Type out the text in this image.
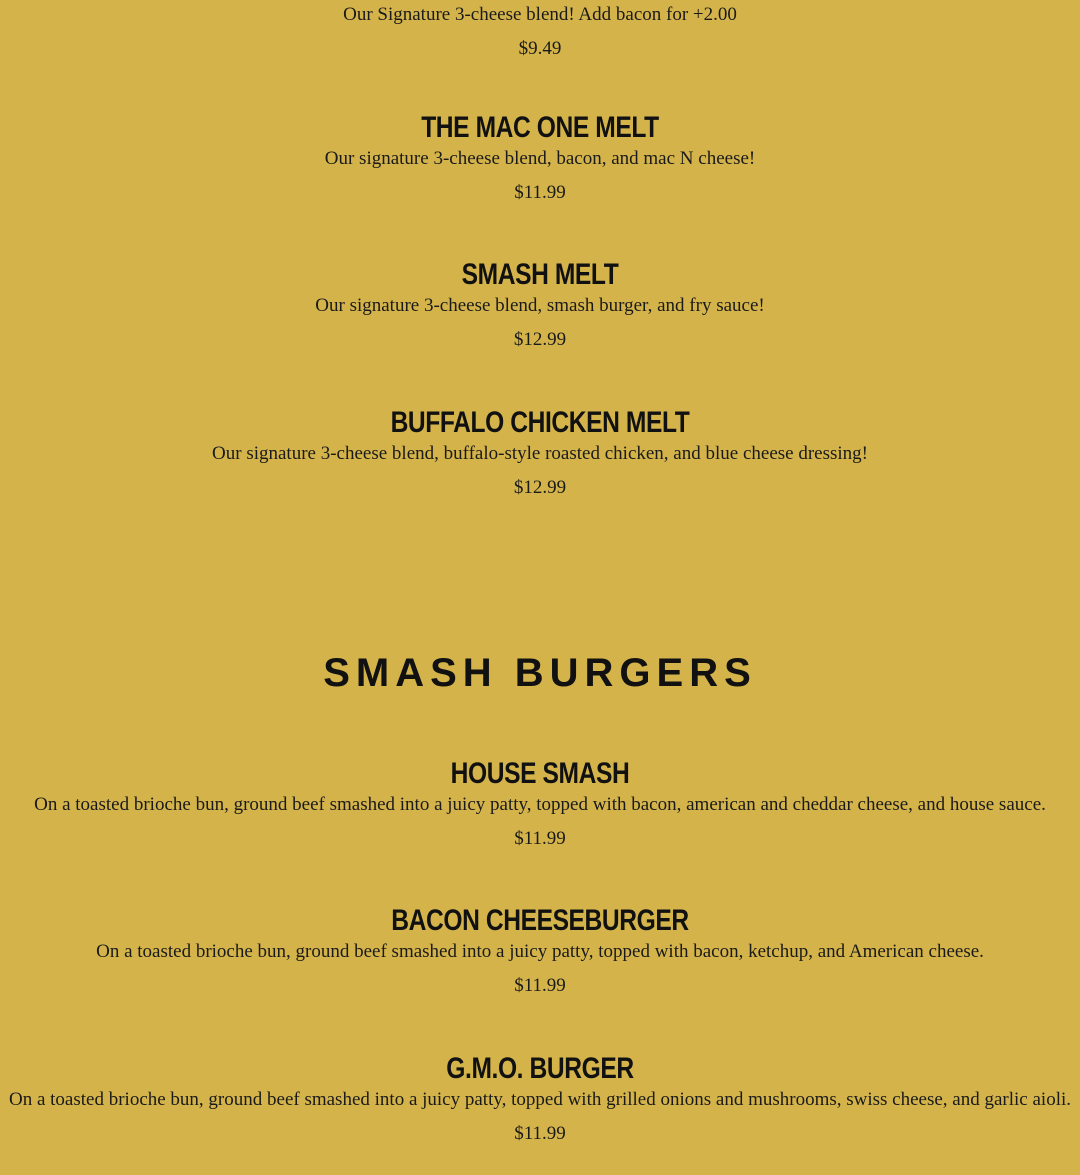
Our Signature 3-cheese blend! Add bacon for +2.00

$9.49

THE MAC ONE MELT

Our signature 3-cheese blend, bacon, and mac N cheese!

$11.99

SMASH MELT

Our signature 3-cheese blend, smash burger, and fry sauce!

$12.99

BUFFALO CHICKEN MELT

Our signature 3-cheese blend, buffalo-style roasted chicken, and blue cheese dressing!

$12.99

SMASH BURGERS
HOUSE SMASH

On a toasted brioche bun, ground beef smashed into a juicy patty, topped with bacon, american and cheddar cheese, and house sauce.

$11.99

BACON CHEESEBURGER

On a toasted brioche bun, ground beef smashed into a juicy patty, topped with bacon, ketchup, and American cheese.

$11.99

G.M.O. BURGER

On a toasted brioche bun, ground beef smashed into a juicy patty, topped with grilled onions and mushrooms, swiss cheese, and garlic aioli.

$11.99
